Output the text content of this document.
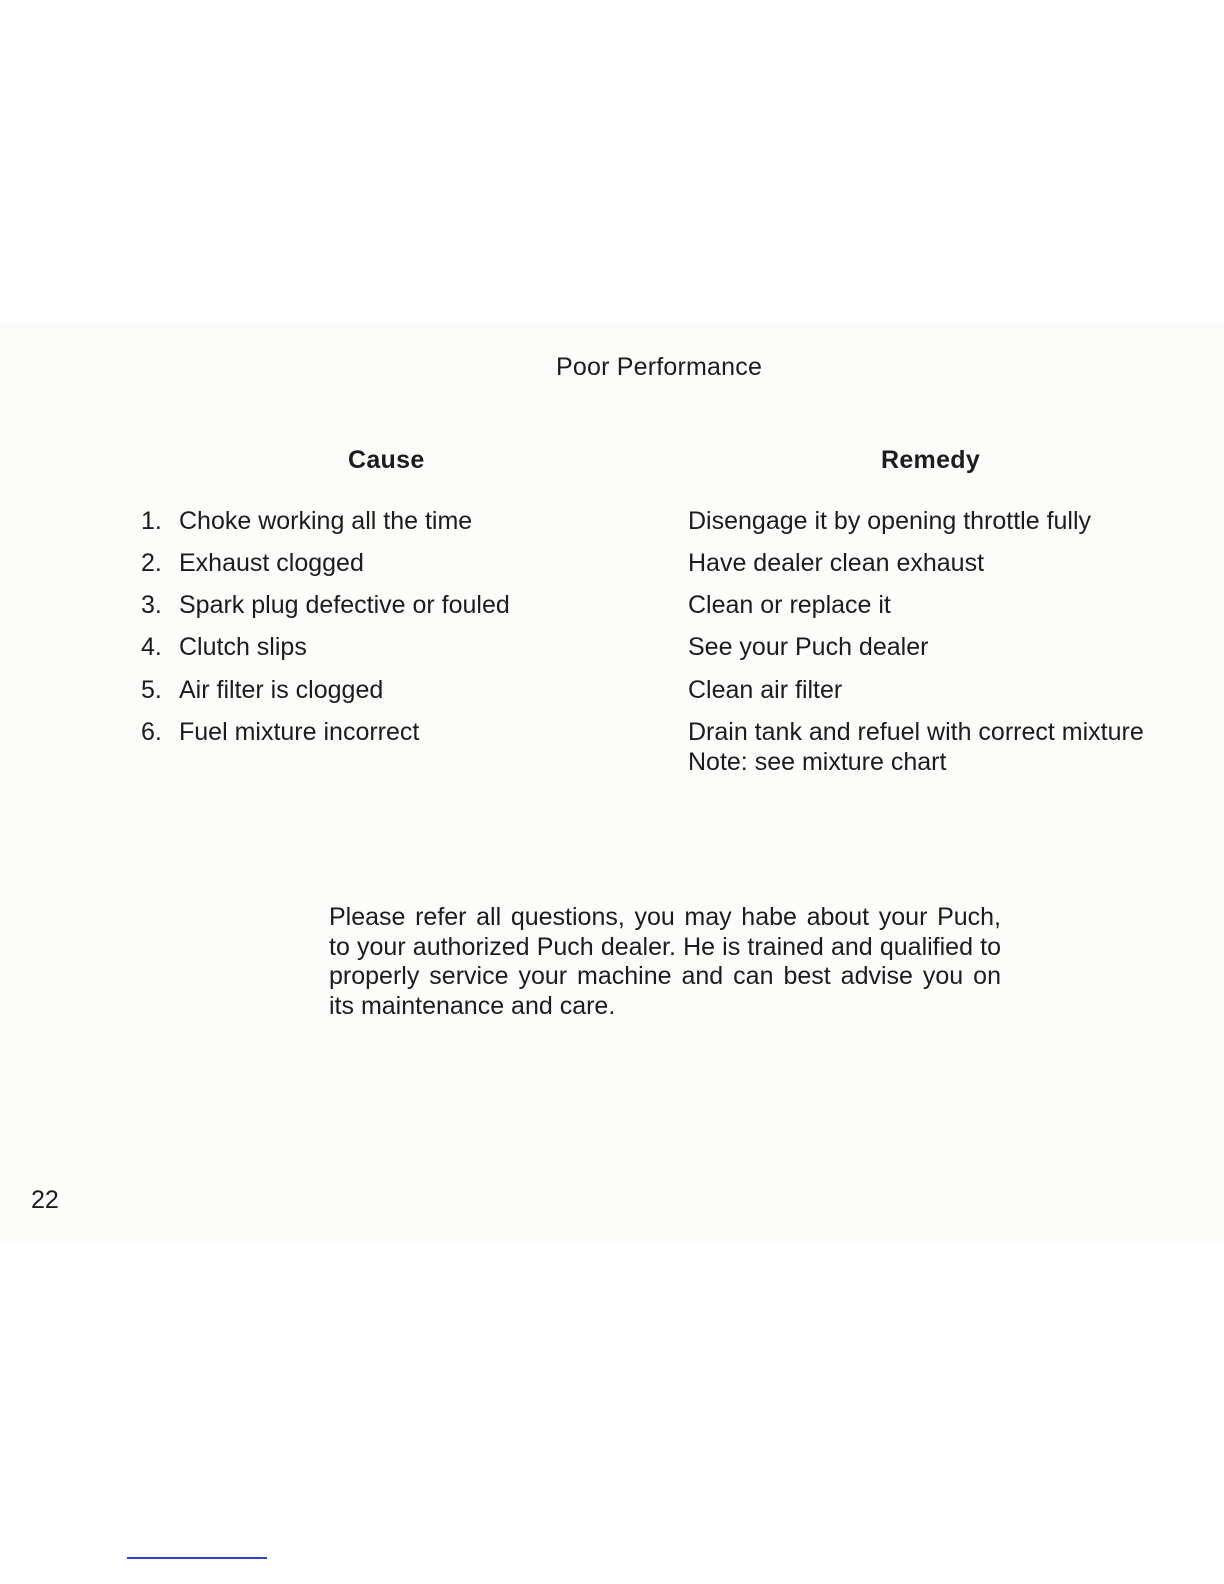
Poor Performance
Cause	Remedy
1. Choke working all the time	Disengage it by opening throttle fully
2. Exhaust clogged	Have dealer clean exhaust
3. Spark plug defective or fouled	Clean or replace it
4. Clutch slips	See your Puch dealer
5. Air filter is clogged	Clean air filter
6. Fuel mixture incorrect	Drain tank and refuel with correct mixture
Note: see mixture chart
Please refer all questions, you may habe about your Puch, to your authorized Puch dealer. He is trained and qualified to properly service your machine and can best advise you on its maintenance and care.
22
